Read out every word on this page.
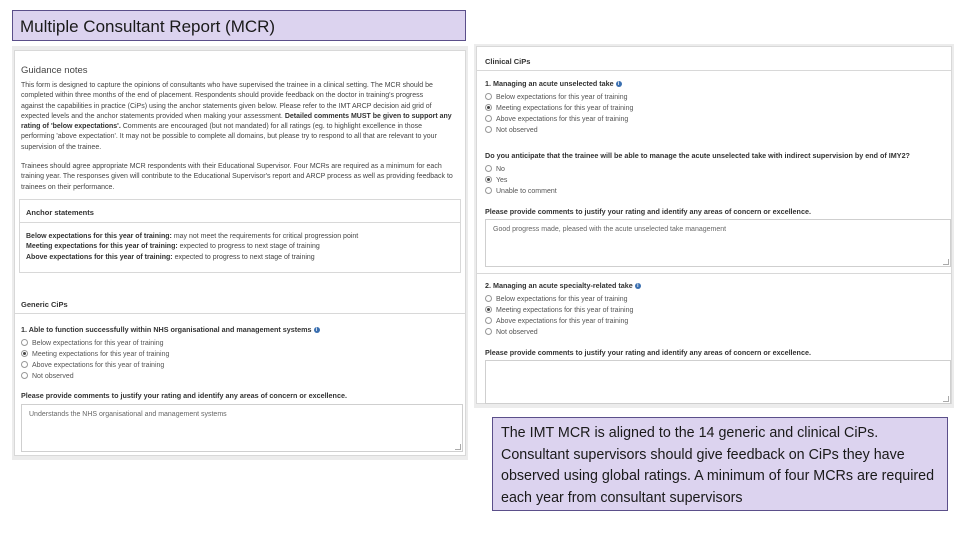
Multiple Consultant Report (MCR)
Guidance notes
This form is designed to capture the opinions of consultants who have supervised the trainee in a clinical setting. The MCR should be
completed within three months of the end of placement. Respondents should provide feedback on the doctor in training's progress
against the capabilities in practice (CiPs) using the anchor statements given below. Please refer to the IMT ARCP decision aid grid of
expected levels and the anchor statements provided when making your assessment. Detailed comments MUST be given to support any
rating of 'below expectations'. Comments are encouraged (but not mandated) for all ratings (eg. to highlight excellence in those
performing 'above expectation'. It may not be possible to complete all domains, but please try to respond to all that are relevant to your
supervision of the trainee.
Trainees should agree appropriate MCR respondents with their Educational Supervisor. Four MCRs are required as a minimum for each
training year. The responses given will contribute to the Educational Supervisor's report and ARCP process as well as providing feedback to
trainees on their performance.
Anchor statements
Below expectations for this year of training: may not meet the requirements for critical progression point
Meeting expectations for this year of training: expected to progress to next stage of training
Above expectations for this year of training: expected to progress to next stage of training
Generic CiPs
1. Able to function successfully within NHS organisational and management systems i
Below expectations for this year of training
Meeting expectations for this year of training
Above expectations for this year of training
Not observed
Please provide comments to justify your rating and identify any areas of concern or excellence.
Understands the NHS organisational and management systems
Clinical CiPs
1. Managing an acute unselected take i
Below expectations for this year of training
Meeting expectations for this year of training
Above expectations for this year of training
Not observed
Do you anticipate that the trainee will be able to manage the acute unselected take with indirect supervision by end of IMY2?
No
Yes
Unable to comment
Please provide comments to justify your rating and identify any areas of concern or excellence.
Good progress made, pleased with the acute unselected take management
2. Managing an acute specialty-related take i
Below expectations for this year of training
Meeting expectations for this year of training
Above expectations for this year of training
Not observed
Please provide comments to justify your rating and identify any areas of concern or excellence.
The IMT MCR is aligned to the 14 generic and clinical CiPs. Consultant supervisors should give feedback on CiPs they have observed using global ratings. A minimum of four MCRs are required each year from consultant supervisors
